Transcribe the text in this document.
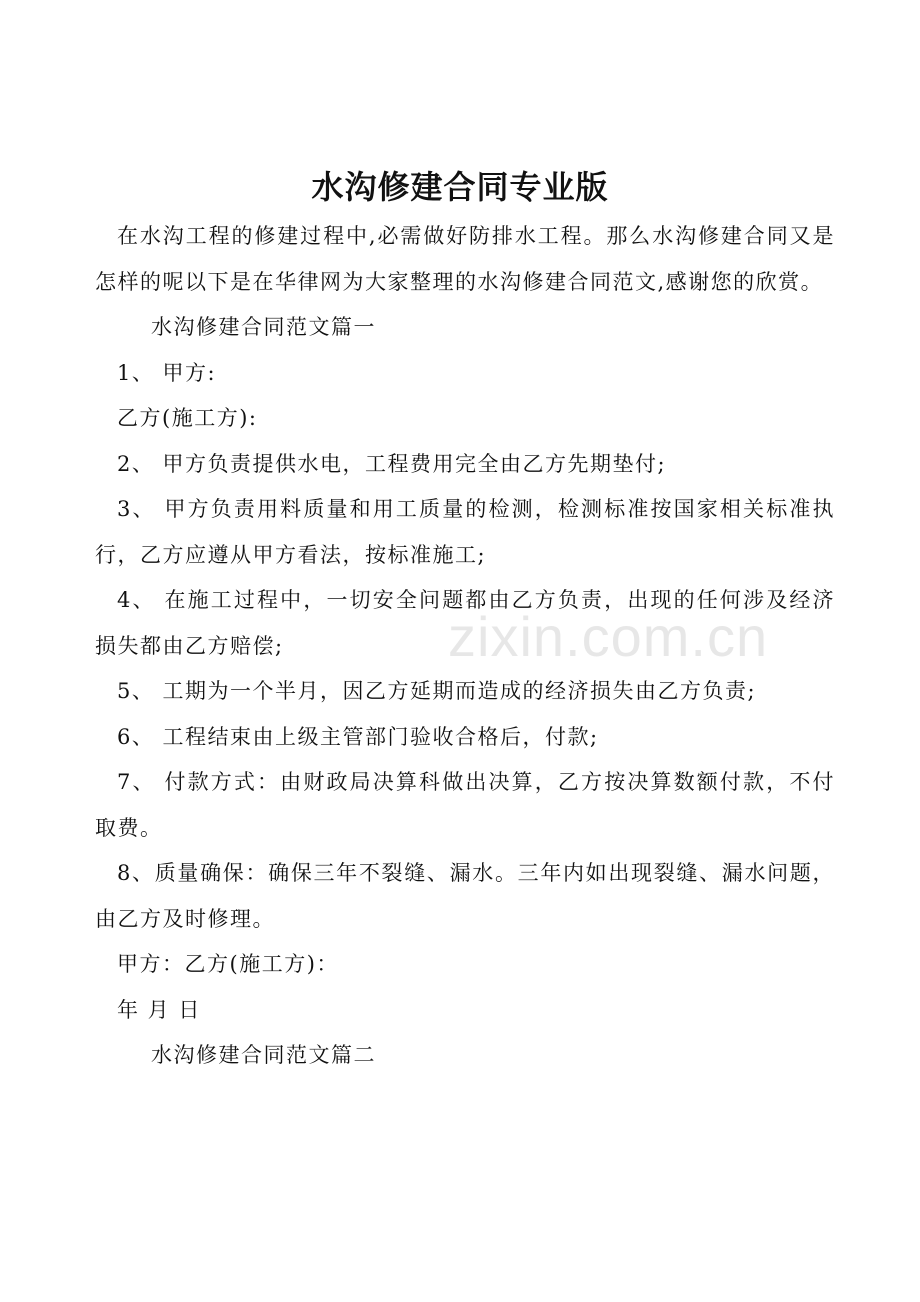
水沟修建合同专业版

在水沟工程的修建过程中,必需做好防排水工程。那么水沟修建合同又是怎样的呢以下是在华律网为大家整理的水沟修建合同范文,感谢您的欣赏。

水沟修建合同范文篇一

1、 甲方:

乙方(施工方):

2、 甲方负责提供水电，工程费用完全由乙方先期垫付;

3、 甲方负责用料质量和用工质量的检测，检测标准按国家相关标准执行，乙方应遵从甲方看法，按标准施工;

4、 在施工过程中，一切安全问题都由乙方负责，出现的任何涉及经济损失都由乙方赔偿;

5、 工期为一个半月，因乙方延期而造成的经济损失由乙方负责;

6、 工程结束由上级主管部门验收合格后，付款;

7、 付款方式：由财政局决算科做出决算，乙方按决算数额付款，不付取费。

8、质量确保：确保三年不裂缝、漏水。三年内如出现裂缝、漏水问题，由乙方及时修理。

甲方：乙方(施工方)：

年 月 日

水沟修建合同范文篇二

zixin.com.cn
